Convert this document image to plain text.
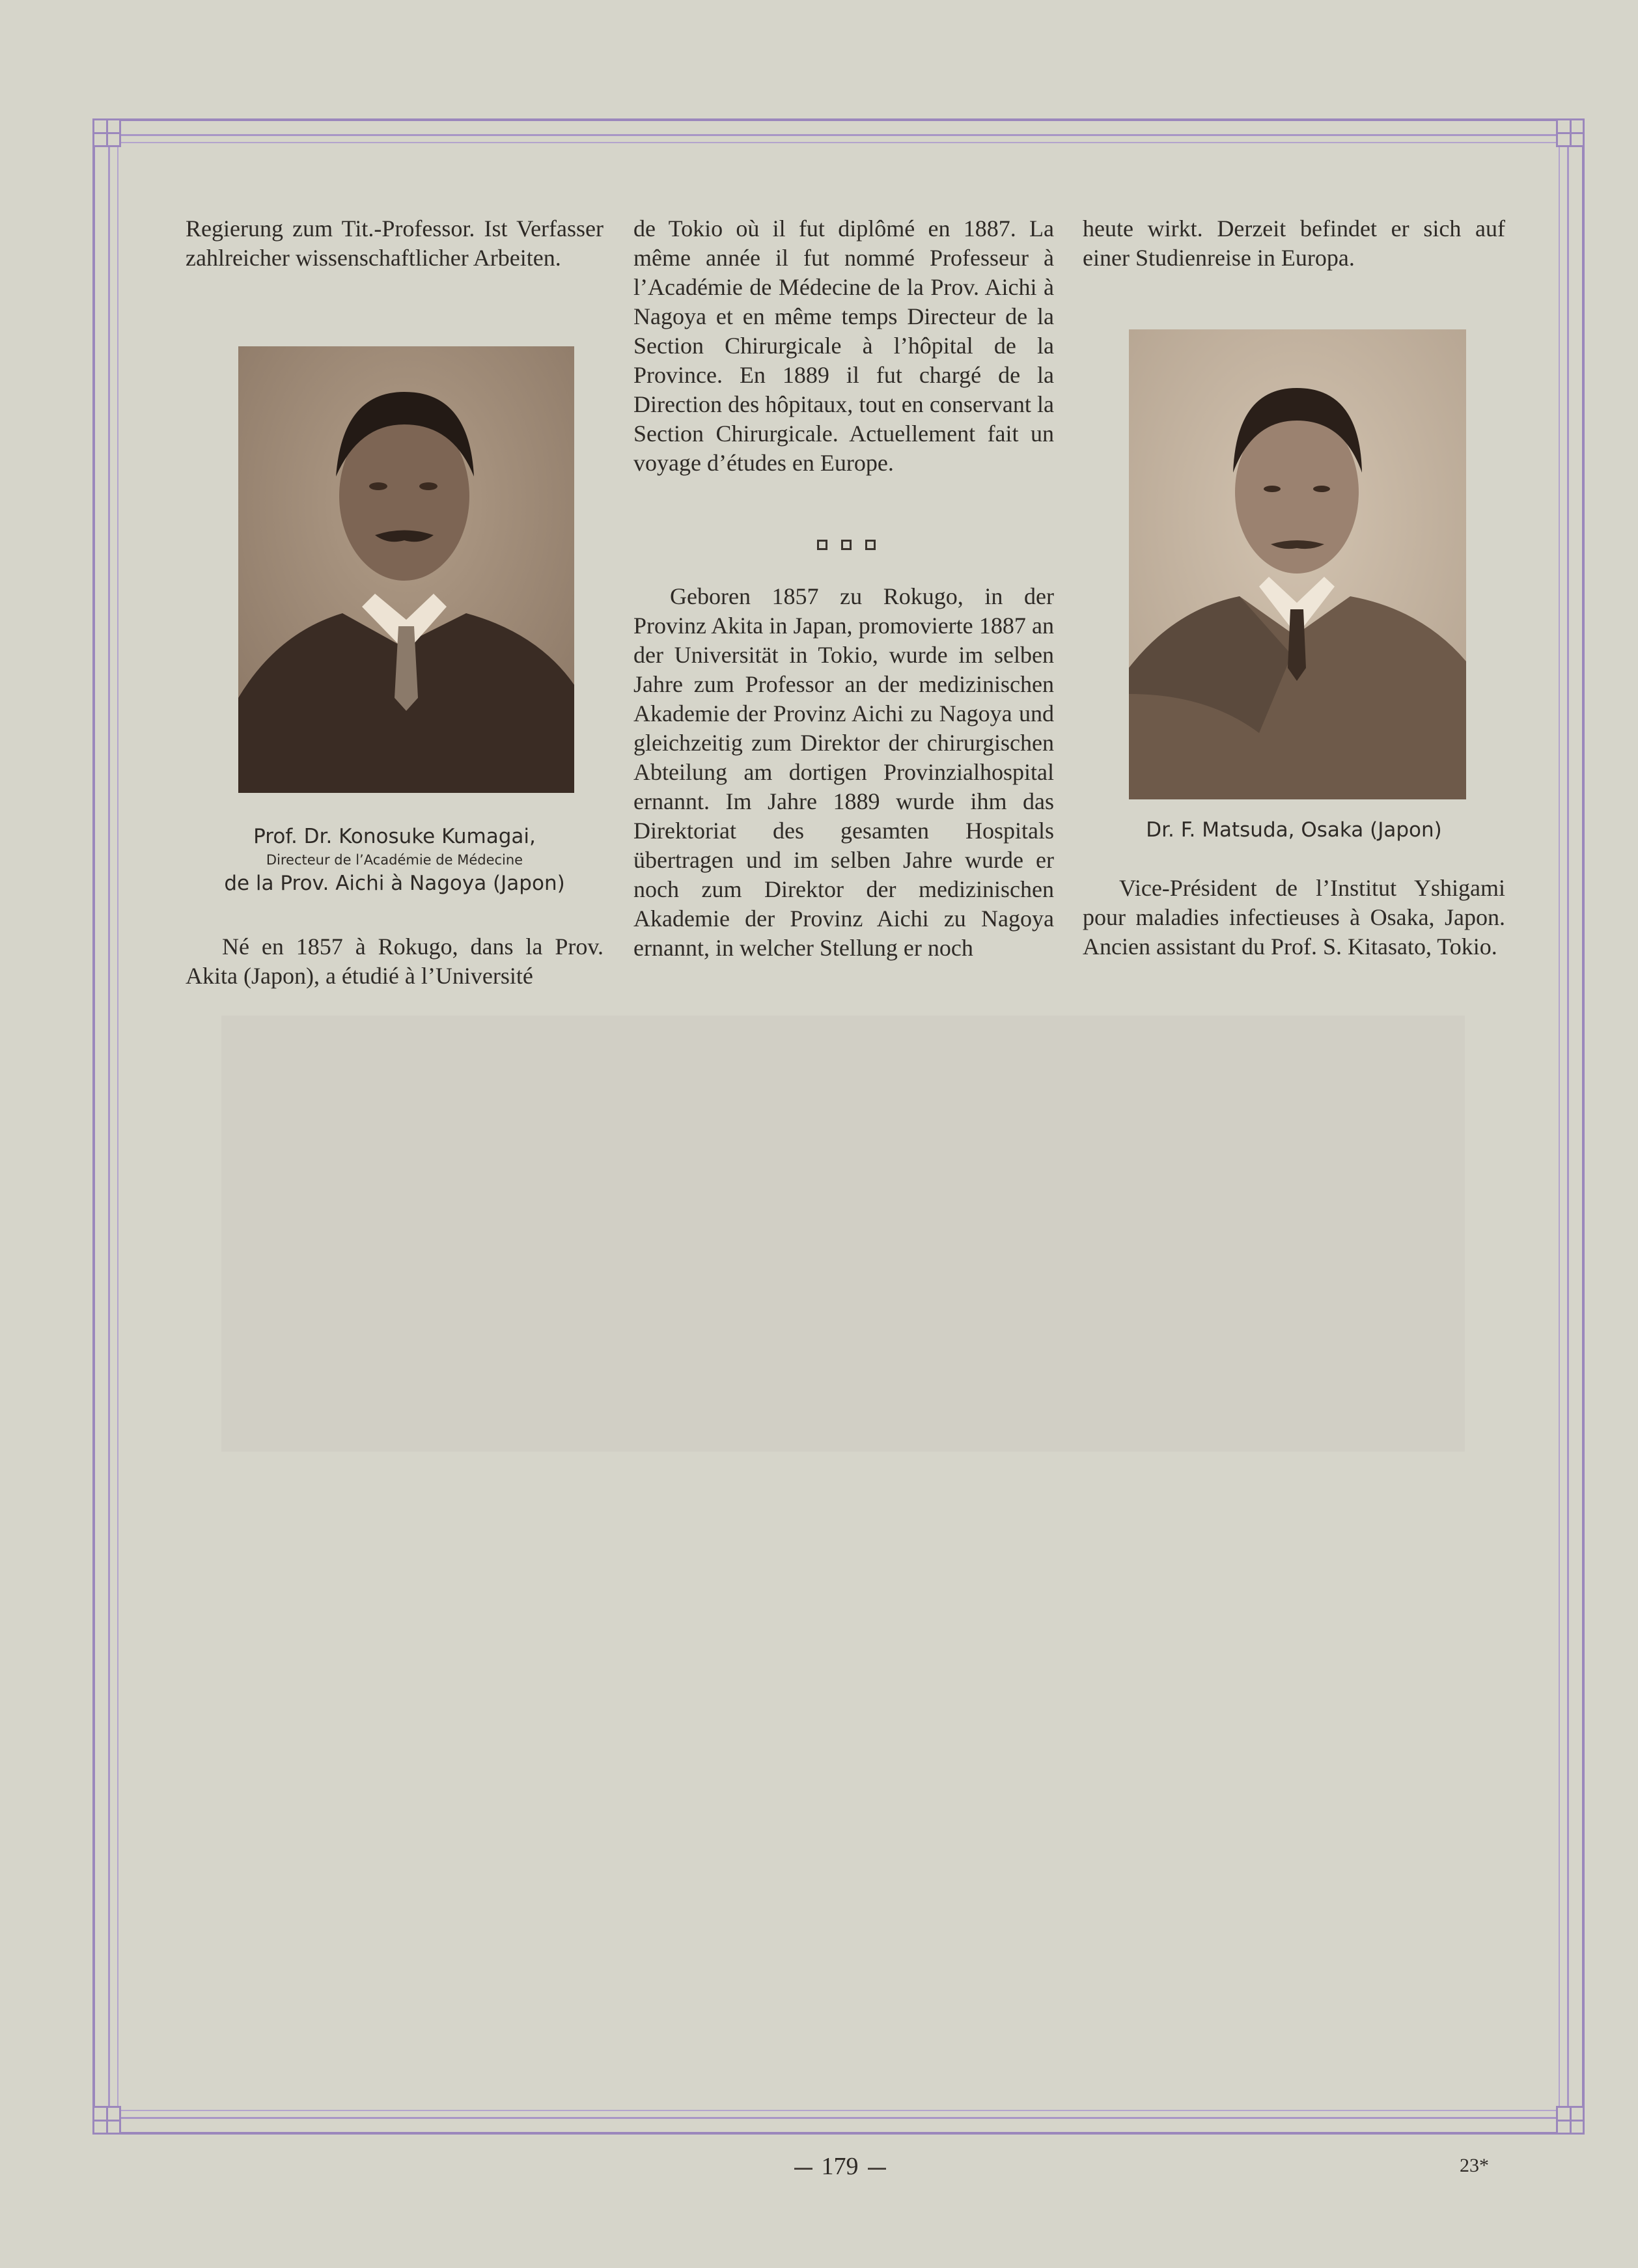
Regierung zum Tit.-Professor. Ist Verfasser zahlreicher wissenschaftlicher Arbeiten.

Prof. Dr. Konosuke Kumagai,
Directeur de l’Académie de Médecine
de la Prov. Aichi à Nagoya (Japon)

Né en 1857 à Rokugo, dans la Prov. Akita (Japon), a étudié à l’Université

de Tokio où il fut diplômé en 1887. La même année il fut nommé Professeur à l’Académie de Médecine de la Prov. Aichi à Nagoya et en même temps Directeur de la Section Chirurgicale à l’hôpital de la Province. En 1889 il fut chargé de la Direction des hôpitaux, tout en conservant la Section Chirurgicale. Actuellement fait un voyage d’études en Europe.

Geboren 1857 zu Rokugo, in der Provinz Akita in Japan, promovierte 1887 an der Universität in Tokio, wurde im selben Jahre zum Professor an der medizinischen Akademie der Provinz Aichi zu Nagoya und gleichzeitig zum Direktor der chirurgischen Abteilung am dortigen Provinzialhospital ernannt. Im Jahre 1889 wurde ihm das Direktoriat des gesamten Hospitals übertragen und im selben Jahre wurde er noch zum Direktor der medizinischen Akademie der Provinz Aichi zu Nagoya ernannt, in welcher Stellung er noch

heute wirkt. Derzeit befindet er sich auf einer Studienreise in Europa.

Dr. F. Matsuda, Osaka (Japon)

Vice-Président de l’Institut Yshigami pour maladies infectieuses à Osaka, Japon. Ancien assistant du Prof. S. Kitasato, Tokio.

179	23*
